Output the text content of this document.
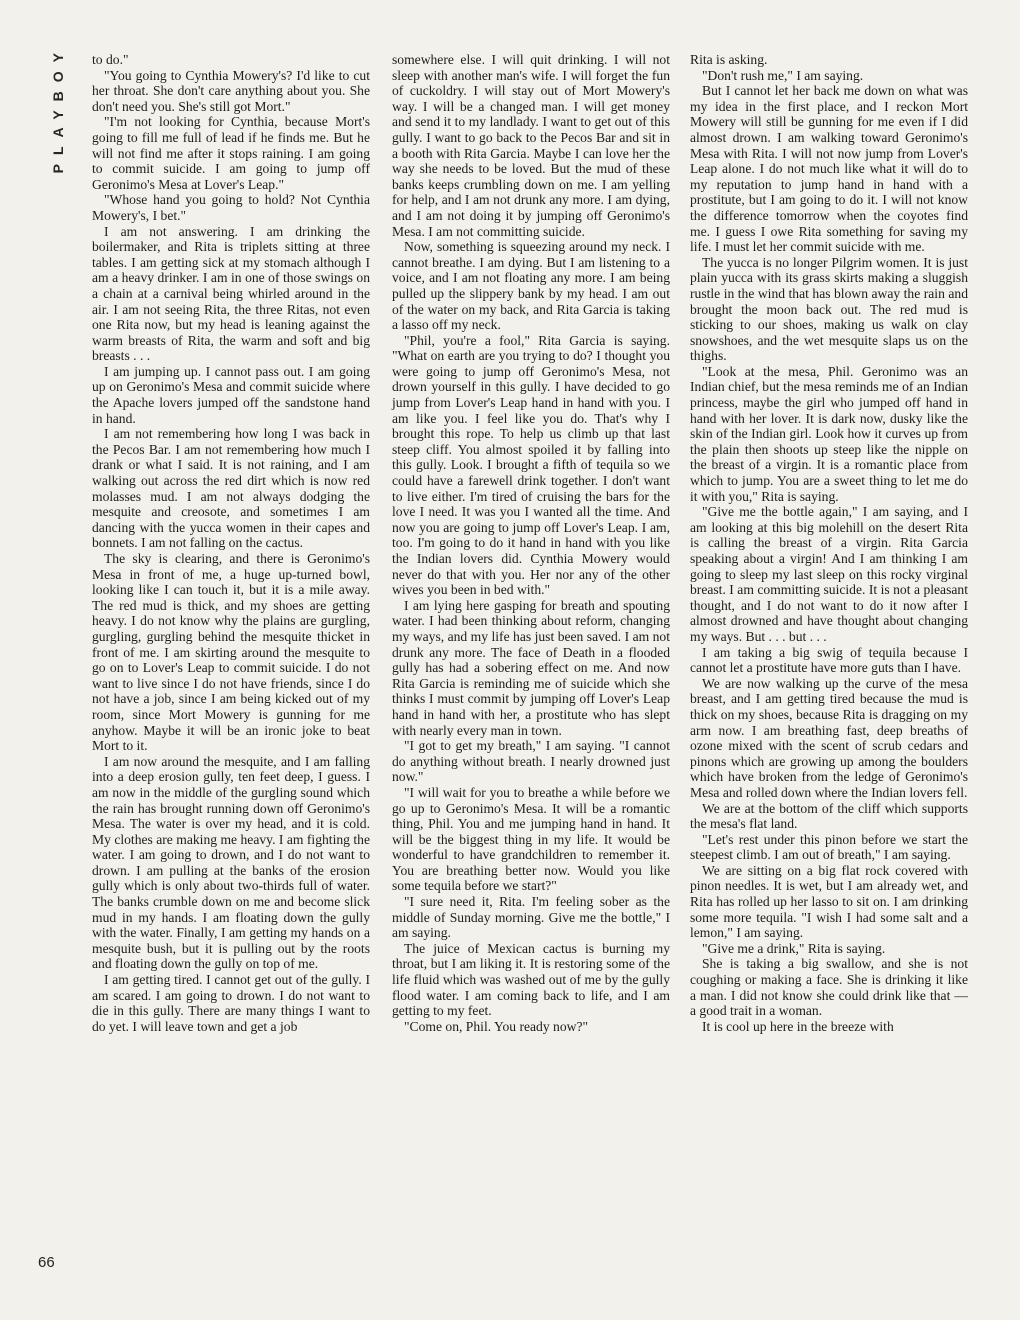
PLAYBOY to do."

"You going to Cynthia Mowery's? I'd like to cut her throat. She don't care anything about you. She don't need you. She's still got Mort."

"I'm not looking for Cynthia, because Mort's going to fill me full of lead if he finds me. But he will not find me after it stops raining. I am going to commit suicide. I am going to jump off Geronimo's Mesa at Lover's Leap."

"Whose hand you going to hold? Not Cynthia Mowery's, I bet."

I am not answering. I am drinking the boilermaker, and Rita is triplets sitting at three tables. I am getting sick at my stomach although I am a heavy drinker. I am in one of those swings on a chain at a carnival being whirled around in the air. I am not seeing Rita, the three Ritas, not even one Rita now, but my head is leaning against the warm breasts of Rita, the warm and soft and big breasts . . .

I am jumping up. I cannot pass out. I am going up on Geronimo's Mesa and commit suicide where the Apache lovers jumped off the sandstone hand in hand.

I am not remembering how long I was back in the Pecos Bar. I am not remembering how much I drank or what I said. It is not raining, and I am walking out across the red dirt which is now red molasses mud. I am not always dodging the mesquite and creosote, and sometimes I am dancing with the yucca women in their capes and bonnets. I am not falling on the cactus.

The sky is clearing, and there is Geronimo's Mesa in front of me, a huge up-turned bowl, looking like I can touch it, but it is a mile away. The red mud is thick, and my shoes are getting heavy. I do not know why the plains are gurgling, gurgling, gurgling behind the mesquite thicket in front of me. I am skirting around the mesquite to go on to Lover's Leap to commit suicide. I do not want to live since I do not have friends, since I do not have a job, since I am being kicked out of my room, since Mort Mowery is gunning for me anyhow. Maybe it will be an ironic joke to beat Mort to it.

I am now around the mesquite, and I am falling into a deep erosion gully, ten feet deep, I guess. I am now in the middle of the gurgling sound which the rain has brought running down off Geronimo's Mesa. The water is over my head, and it is cold. My clothes are making me heavy. I am fighting the water. I am going to drown, and I do not want to drown. I am pulling at the banks of the erosion gully which is only about two-thirds full of water. The banks crumble down on me and become slick mud in my hands. I am floating down the gully with the water. Finally, I am getting my hands on a mesquite bush, but it is pulling out by the roots and floating down the gully on top of me.

I am getting tired. I cannot get out of the gully. I am scared. I am going to drown. I do not want to die in this gully. There are many things I want to do yet. I will leave town and get a job

somewhere else. I will quit drinking. I will not sleep with another man's wife. I will forget the fun of cuckoldry. I will stay out of Mort Mowery's way. I will be a changed man. I will get money and send it to my landlady. I want to get out of this gully. I want to go back to the Pecos Bar and sit in a booth with Rita Garcia. Maybe I can love her the way she needs to be loved. But the mud of these banks keeps crumbling down on me. I am yelling for help, and I am not drunk any more. I am dying, and I am not doing it by jumping off Geronimo's Mesa. I am not committing suicide.

Now, something is squeezing around my neck. I cannot breathe. I am dying. But I am listening to a voice, and I am not floating any more. I am being pulled up the slippery bank by my head. I am out of the water on my back, and Rita Garcia is taking a lasso off my neck.

"Phil, you're a fool," Rita Garcia is saying. "What on earth are you trying to do? I thought you were going to jump off Geronimo's Mesa, not drown yourself in this gully. I have decided to go jump from Lover's Leap hand in hand with you. I am like you. I feel like you do. That's why I brought this rope. To help us climb up that last steep cliff. You almost spoiled it by falling into this gully. Look. I brought a fifth of tequila so we could have a farewell drink together. I don't want to live either. I'm tired of cruising the bars for the love I need. It was you I wanted all the time. And now you are going to jump off Lover's Leap. I am, too. I'm going to do it hand in hand with you like the Indian lovers did. Cynthia Mowery would never do that with you. Her nor any of the other wives you been in bed with."

I am lying here gasping for breath and spouting water. I had been thinking about reform, changing my ways, and my life has just been saved. I am not drunk any more. The face of Death in a flooded gully has had a sobering effect on me. And now Rita Garcia is reminding me of suicide which she thinks I must commit by jumping off Lover's Leap hand in hand with her, a prostitute who has slept with nearly every man in town.

"I got to get my breath," I am saying. "I cannot do anything without breath. I nearly drowned just now."

"I will wait for you to breathe a while before we go up to Geronimo's Mesa. It will be a romantic thing, Phil. You and me jumping hand in hand. It will be the biggest thing in my life. It would be wonderful to have grandchildren to remember it. You are breathing better now. Would you like some tequila before we start?"

"I sure need it, Rita. I'm feeling sober as the middle of Sunday morning. Give me the bottle," I am saying.

The juice of Mexican cactus is burning my throat, but I am liking it. It is restoring some of the life fluid which was washed out of me by the gully flood water. I am coming back to life, and I am getting to my feet.

"Come on, Phil. You ready now?"

Rita is asking.

"Don't rush me," I am saying.

But I cannot let her back me down on what was my idea in the first place, and I reckon Mort Mowery will still be gunning for me even if I did almost drown. I am walking toward Geronimo's Mesa with Rita. I will not now jump from Lover's Leap alone. I do not much like what it will do to my reputation to jump hand in hand with a prostitute, but I am going to do it. I will not know the difference tomorrow when the coyotes find me. I guess I owe Rita something for saving my life. I must let her commit suicide with me.

The yucca is no longer Pilgrim women. It is just plain yucca with its grass skirts making a sluggish rustle in the wind that has blown away the rain and brought the moon back out. The red mud is sticking to our shoes, making us walk on clay snowshoes, and the wet mesquite slaps us on the thighs.

"Look at the mesa, Phil. Geronimo was an Indian chief, but the mesa reminds me of an Indian princess, maybe the girl who jumped off hand in hand with her lover. It is dark now, dusky like the skin of the Indian girl. Look how it curves up from the plain then shoots up steep like the nipple on the breast of a virgin. It is a romantic place from which to jump. You are a sweet thing to let me do it with you," Rita is saying.

"Give me the bottle again," I am saying, and I am looking at this big molehill on the desert Rita is calling the breast of a virgin. Rita Garcia speaking about a virgin! And I am thinking I am going to sleep my last sleep on this rocky virginal breast. I am committing suicide. It is not a pleasant thought, and I do not want to do it now after I almost drowned and have thought about changing my ways. But . . . but . . .

I am taking a big swig of tequila because I cannot let a prostitute have more guts than I have.

We are now walking up the curve of the mesa breast, and I am getting tired because the mud is thick on my shoes, because Rita is dragging on my arm now. I am breathing fast, deep breaths of ozone mixed with the scent of scrub cedars and pinons which are growing up among the boulders which have broken from the ledge of Geronimo's Mesa and rolled down where the Indian lovers fell.

We are at the bottom of the cliff which supports the mesa's flat land.

"Let's rest under this pinon before we start the steepest climb. I am out of breath," I am saying.

We are sitting on a big flat rock covered with pinon needles. It is wet, but I am already wet, and Rita has rolled up her lasso to sit on. I am drinking some more tequila. "I wish I had some salt and a lemon," I am saying.

"Give me a drink," Rita is saying.

She is taking a big swallow, and she is not coughing or making a face. She is drinking it like a man. I did not know she could drink like that — a good trait in a woman.

It is cool up here in the breeze with

66
